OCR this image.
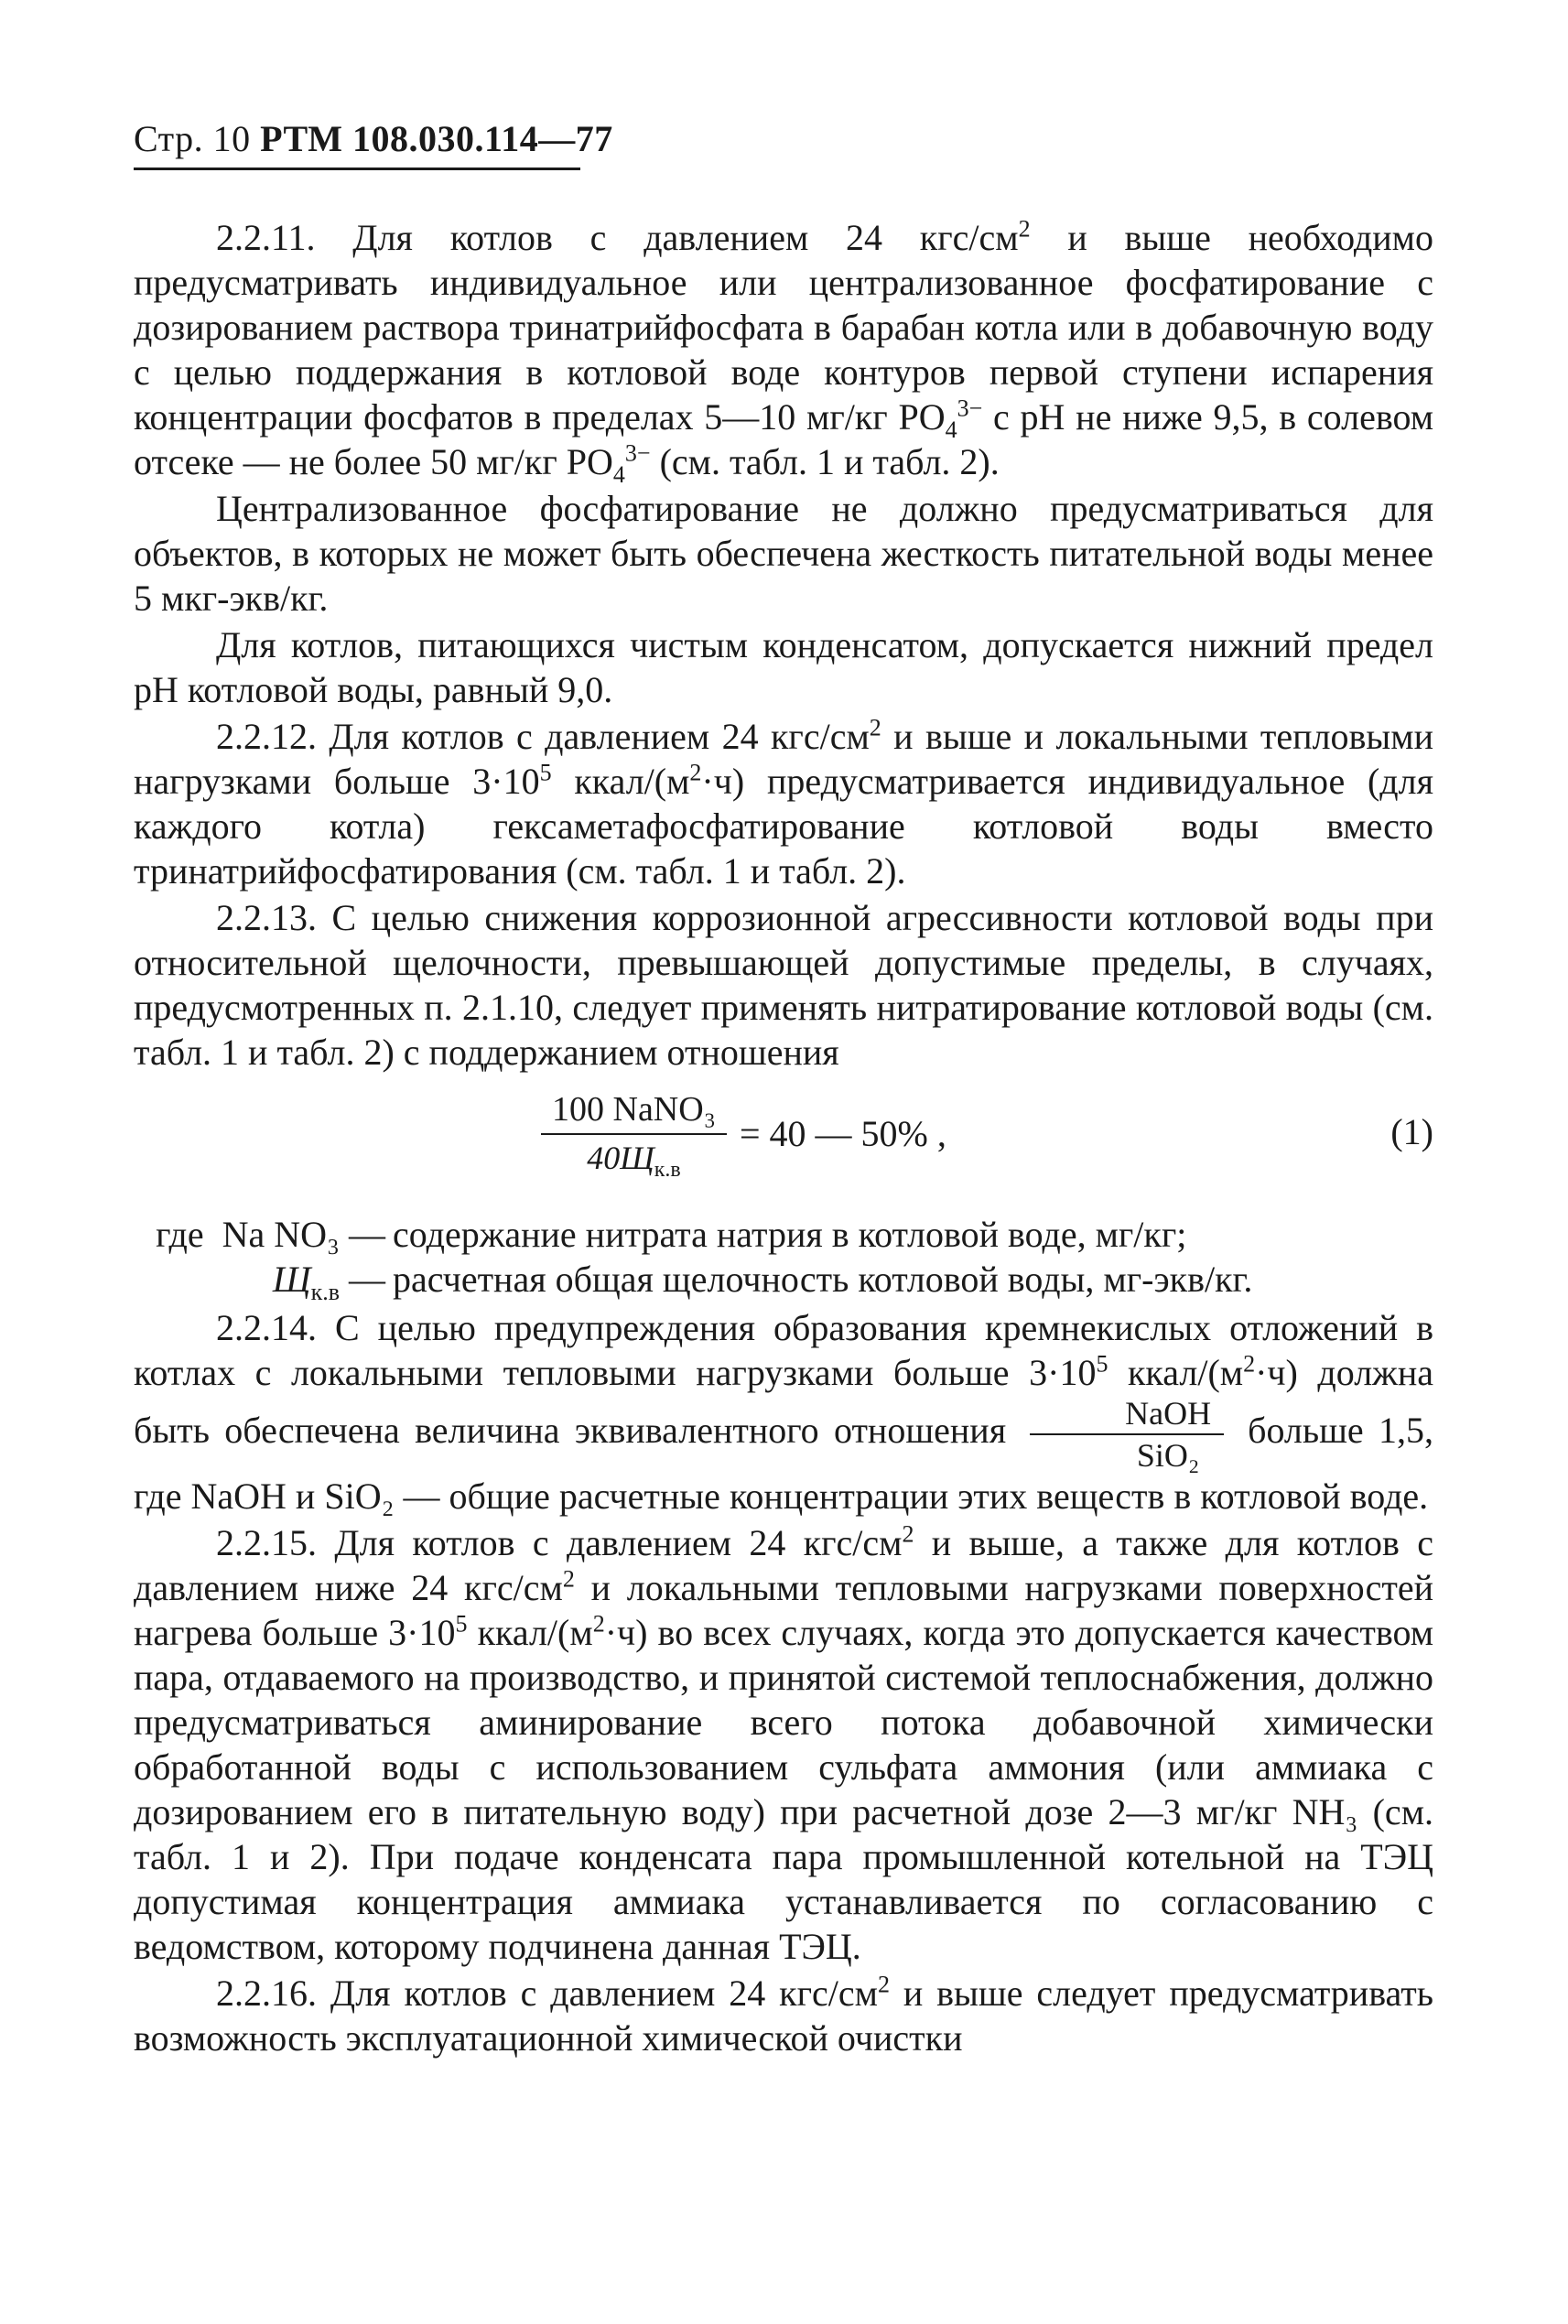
Стр. 10 РТМ 108.030.114—77

2.2.11. Для котлов с давлением 24 кгс/$см^2$ и выше необходимо предусматривать индивидуальное или централизованное фосфатирование с дозированием раствора тринатрийфосфата в барабан котла или в добавочную воду с целью поддержания в котловой воде контуров первой ступени испарения концентрации фосфатов в пределах 5—10 мг/кг $PO_4^{3-}$ с pH не ниже 9,5, в солевом отсеке — не более 50 мг/кг $PO_4^{3-}$ (см. табл. 1 и табл. 2).

Централизованное фосфатирование не должно предусматриваться для объектов, в которых не может быть обеспечена жесткость питательной воды менее 5 мкг-экв/кг.

Для котлов, питающихся чистым конденсатом, допускается нижний предел pH котловой воды, равный 9,0.

2.2.12. Для котлов с давлением 24 кгс/$см^2$ и выше и локальными тепловыми нагрузками больше $3\cdot 10^5$ ккал/$(м^2\cdot ч)$ предусматривается индивидуальное (для каждого котла) гексаметафосфатирование котловой воды вместо тринатрийфосфатирования (см. табл. 1 и табл. 2).

2.2.13. С целью снижения коррозионной агрессивности котловой воды при относительной щелочности, превышающей допустимые пределы, в случаях, предусмотренных п. 2.1.10, следует применять нитратирование котловой воды (см. табл. 1 и табл. 2) с поддержанием отношения

$\frac{\text{100 NaNO₃}}{40Щ_{к.в}} = 40$ — 50% ,	(1)
где Na NO₃ — содержание нитрата натрия в котловой воде, мг/кг;
$Щ_{к.в}$ — расчетная общая щелочность котловой воды, мг-экв/кг.

2.2.14. С целью предупреждения образования кремнекислых отложений в котлах с локальными тепловыми нагрузками больше $3\cdot 10^5$ ккал/$(м^2\cdot ч)$ должна быть обеспечена величина эквивалентного отношения $\frac{\text{NaOH}}{\text{SiO₂}}$ больше 1,5, где NaOH и SiO₂ — общие расчетные концентрации этих веществ в котловой воде.

2.2.15. Для котлов с давлением 24 кгс/$см^2$ и выше, а также для котлов с давлением ниже 24 кгс/$см^2$ и локальными тепловыми нагрузками поверхностей нагрева больше $3\cdot 10^5$ ккал/$(м^2\cdot ч)$ во всех случаях, когда это допускается качеством пара, отдаваемого на производство, и принятой системой теплоснабжения, должно предусматриваться аминирование всего потока добавочной химически обработанной воды с использованием сульфата аммония (или аммиака с дозированием его в питательную воду) при расчетной дозе 2—3 мг/кг NH₃ (см. табл. 1 и 2). При подаче конденсата пара промышленной котельной на ТЭЦ допустимая концентрация аммиака устанавливается по согласованию с ведомством, которому подчинена данная ТЭЦ.

2.2.16. Для котлов с давлением 24 кгс/$см^2$ и выше следует предусматривать возможность эксплуатационной химической очистки
